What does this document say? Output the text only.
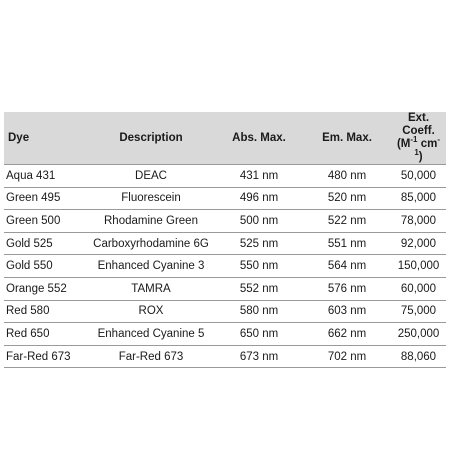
Dye	Description	Abs. Max.	Em. Max.	Ext. Coeff.
($M^{-1}$ $cm^{-1}$)
Aqua 431	DEAC	431 nm	480 nm	50,000
Green 495	Fluorescein	496 nm	520 nm	85,000
Green 500	Rhodamine Green	500 nm	522 nm	78,000
Gold 525	Carboxyrhodamine 6G	525 nm	551 nm	92,000
Gold 550	Enhanced Cyanine 3	550 nm	564 nm	150,000
Orange 552	TAMRA	552 nm	576 nm	60,000
Red 580	ROX	580 nm	603 nm	75,000
Red 650	Enhanced Cyanine 5	650 nm	662 nm	250,000
Far-Red 673	Far-Red 673	673 nm	702 nm	88,060
